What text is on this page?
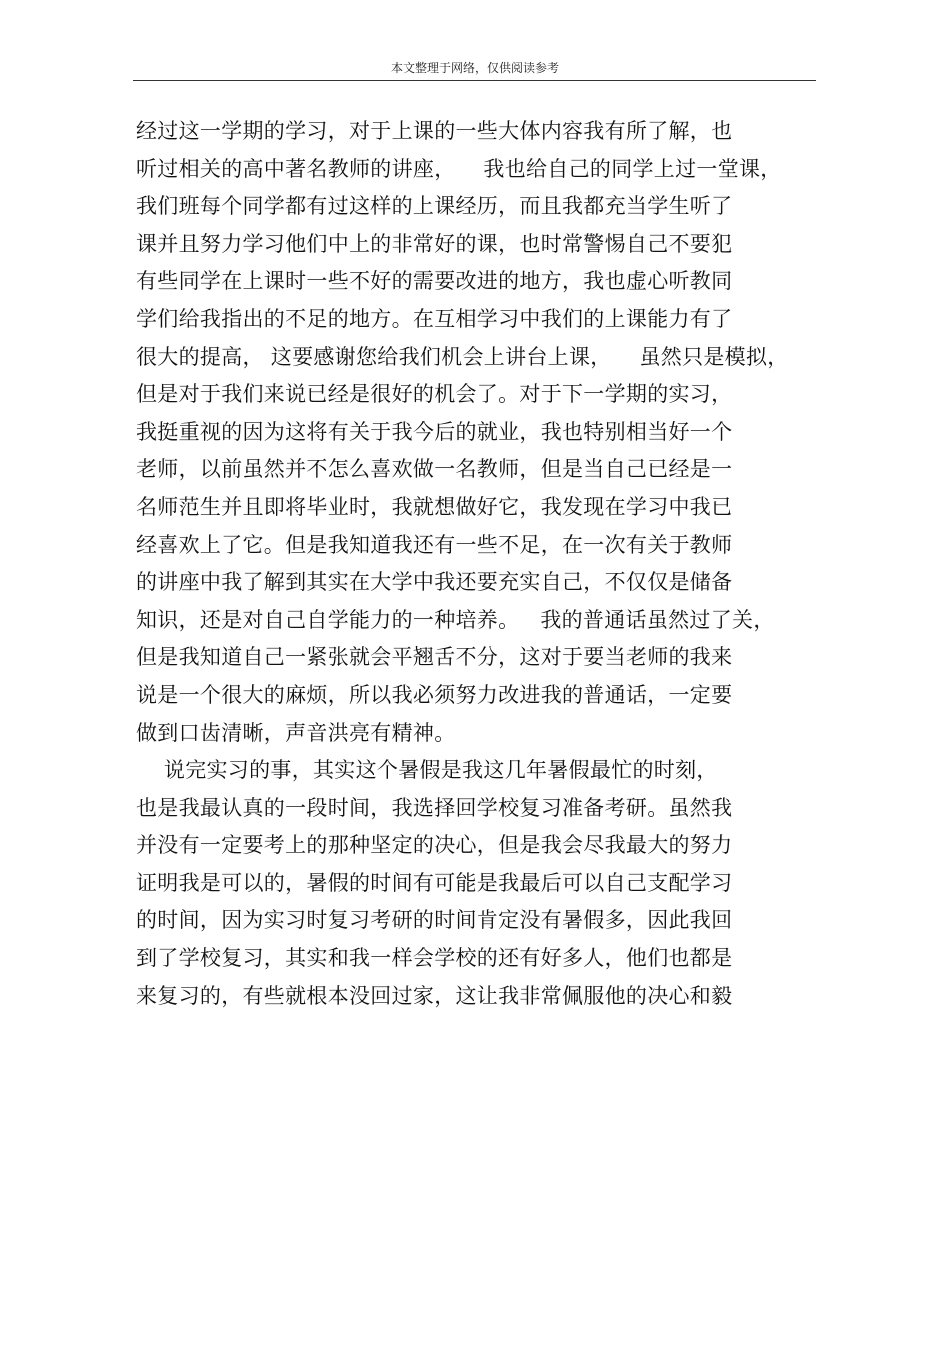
本文整理于网络，仅供阅读参考
经过这一学期的学习，对于上课的一些大体内容我有所了解，也
听过相关的高中著名教师的讲座，    我也给自己的同学上过一堂课，
我们班每个同学都有过这样的上课经历，而且我都充当学生听了
课并且努力学习他们中上的非常好的课，也时常警惕自己不要犯
有些同学在上课时一些不好的需要改进的地方，我也虚心听教同
学们给我指出的不足的地方。在互相学习中我们的上课能力有了
很大的提高， 这要感谢您给我们机会上讲台上课，    虽然只是模拟，
但是对于我们来说已经是很好的机会了。对于下一学期的实习，
我挺重视的因为这将有关于我今后的就业，我也特别相当好一个
老师，以前虽然并不怎么喜欢做一名教师，但是当自己已经是一
名师范生并且即将毕业时，我就想做好它，我发现在学习中我已
经喜欢上了它。但是我知道我还有一些不足，在一次有关于教师
的讲座中我了解到其实在大学中我还要充实自己，不仅仅是储备
知识，还是对自己自学能力的一种培养。   我的普通话虽然过了关，
但是我知道自己一紧张就会平翘舌不分，这对于要当老师的我来
说是一个很大的麻烦，所以我必须努力改进我的普通话，一定要
做到口齿清晰，声音洪亮有精神。
说完实习的事，其实这个暑假是我这几年暑假最忙的时刻，
也是我最认真的一段时间，我选择回学校复习准备考研。虽然我
并没有一定要考上的那种坚定的决心，但是我会尽我最大的努力
证明我是可以的，暑假的时间有可能是我最后可以自己支配学习
的时间，因为实习时复习考研的时间肯定没有暑假多，因此我回
到了学校复习，其实和我一样会学校的还有好多人，他们也都是
来复习的，有些就根本没回过家，这让我非常佩服他的决心和毅
